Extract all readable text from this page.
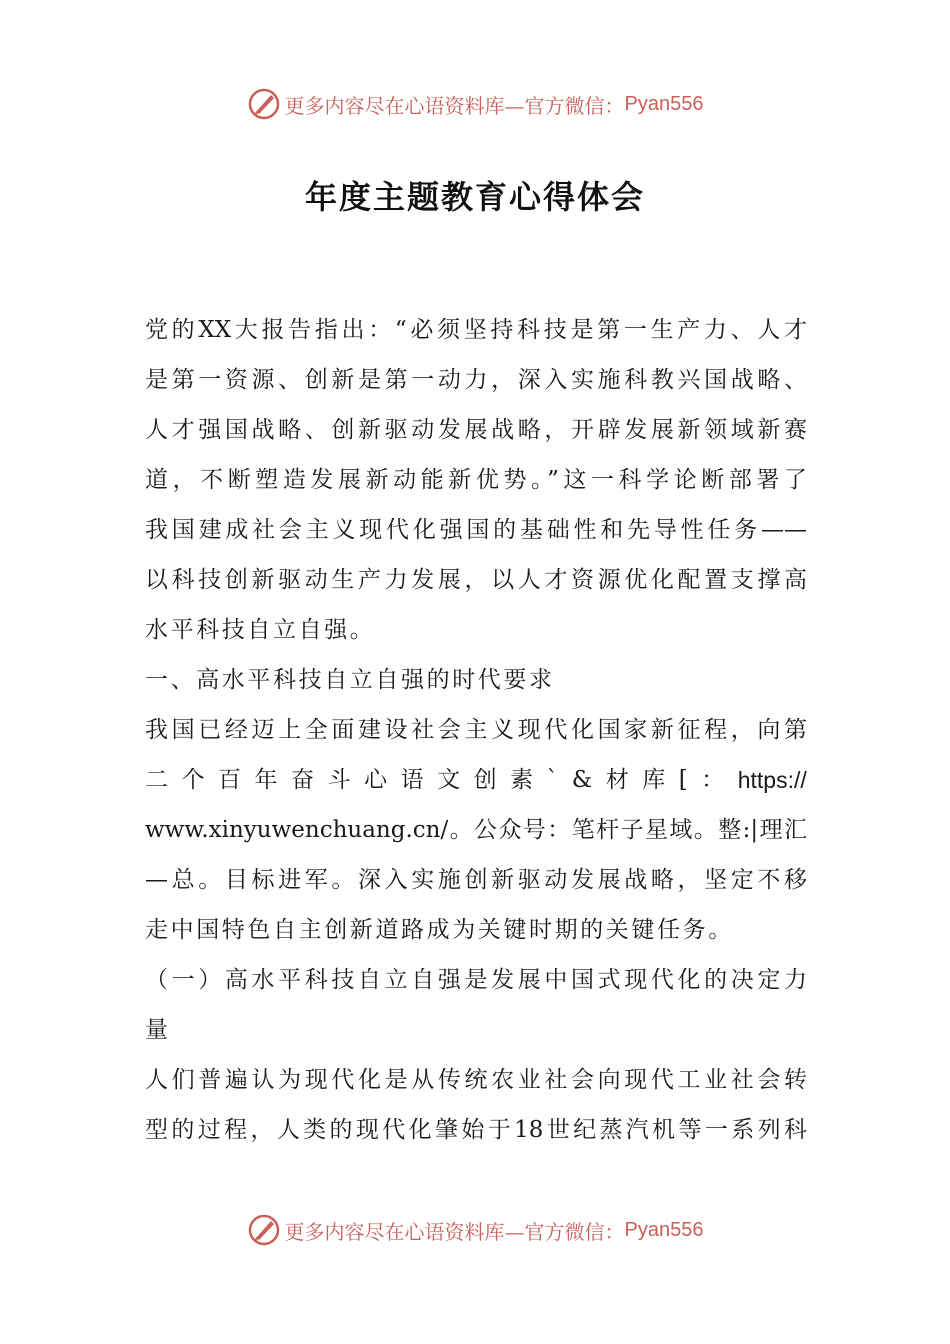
更多内容尽在心语资料库—官方微信： Pyan556
年度主题教育心得体会
党的XX大报告指出：“必须坚持科技是第一生产力、人才
是第一资源、创新是第一动力，深入实施科教兴国战略、
人才强国战略、创新驱动发展战略，开辟发展新领域新赛
道，不断塑造发展新动能新优势。”这一科学论断部署了
我国建成社会主义现代化强国的基础性和先导性任务——
以科技创新驱动生产力发展，以人才资源优化配置支撑高
水平科技自立自强。
一、高水平科技自立自强的时代要求
我国已经迈上全面建设社会主义现代化国家新征程，向第
二 个 百 年 奋 斗 心 语 文 创 素 ` & 材 库 [ ： https://
www.xinyuwenchuang.cn/。公众号：笔杆子星域。整:|理汇
—总。目标进军。深入实施创新驱动发展战略，坚定不移
走中国特色自主创新道路成为关键时期的关键任务。
（一）高水平科技自立自强是发展中国式现代化的决定力
量
人们普遍认为现代化是从传统农业社会向现代工业社会转
型的过程，人类的现代化肇始于18世纪蒸汽机等一系列科
更多内容尽在心语资料库—官方微信： Pyan556
